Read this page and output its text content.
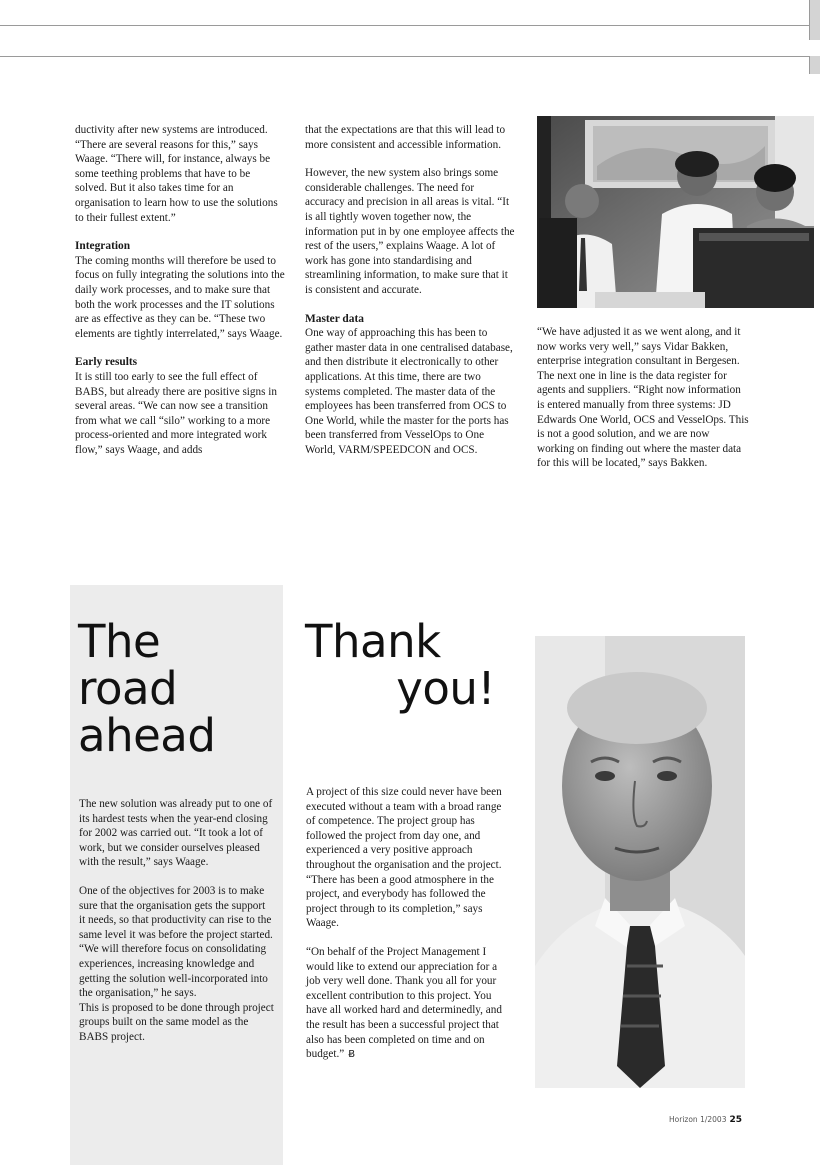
ductivity after new systems are introduced. “There are several reasons for this,” says Waage. “There will, for instance, always be some teething problems that have to be solved. But it also takes time for an organisation to learn how to use the solutions to their fullest extent.”

Integration

The coming months will therefore be used to focus on fully integrating the solutions into the daily work processes, and to make sure that both the work processes and the IT solutions are as effective as they can be. “These two elements are tightly interrelated,” says Waage.

Early results

It is still too early to see the full effect of BABS, but already there are positive signs in several areas. “We can now see a transition from what we call “silo” working to a more process-oriented and more integrated work flow,” says Waage, and adds

that the expectations are that this will lead to more consistent and accessible information.

However, the new system also brings some considerable challenges. The need for accuracy and precision in all areas is vital. “It is all tightly woven together now, the information put in by one employee affects the rest of the users,” explains Waage. A lot of work has gone into standardising and streamlining information, to make sure that it is consistent and accurate.

Master data

One way of approaching this has been to gather master data in one centralised database, and then distribute it electronically to other applications. At this time, there are two systems completed. The master data of the employees has been transferred from OCS to One World, while the master for the ports has been transferred from VesselOps to One World, VARM/SPEEDCON and OCS.

“We have adjusted it as we went along, and it now works very well,” says Vidar Bakken, enterprise integration consultant in Bergesen. The next one in line is the data register for agents and suppliers. “Right now information is entered manually from three systems: JD Edwards One World, OCS and VesselOps. This is not a good solution, and we are now working on finding out where the master data for this will be located,” says Bakken.

The
road
ahead

The new solution was already put to one of its hardest tests when the year-end closing for 2002 was carried out. “It took a lot of work, but we consider ourselves pleased with the result,” says Waage.

One of the objectives for 2003 is to make sure that the organisation gets the support it needs, so that productivity can rise to the same level it was before the project started. “We will therefore focus on consolidating experiences, increasing knowledge and getting the solution well-incorporated into the organisation,” he says.

This is proposed to be done through project groups built on the same model as the BABS project.

Thank
you!

A project of this size could never have been executed without a team with a broad range of competence. The project group has followed the project from day one, and experienced a very positive approach throughout the organisation and the project. “There has been a good atmosphere in the project, and everybody has followed the project through to its completion,” says Waage.

“On behalf of the Project Management I would like to extend our appreciation for a job very well done. Thank you all for your excellent contribution to this project. You have all worked hard and determinedly, and the result has been a successful project that also has been completed on time and on budget.” Ƀ

Horizon 1/2003 25
